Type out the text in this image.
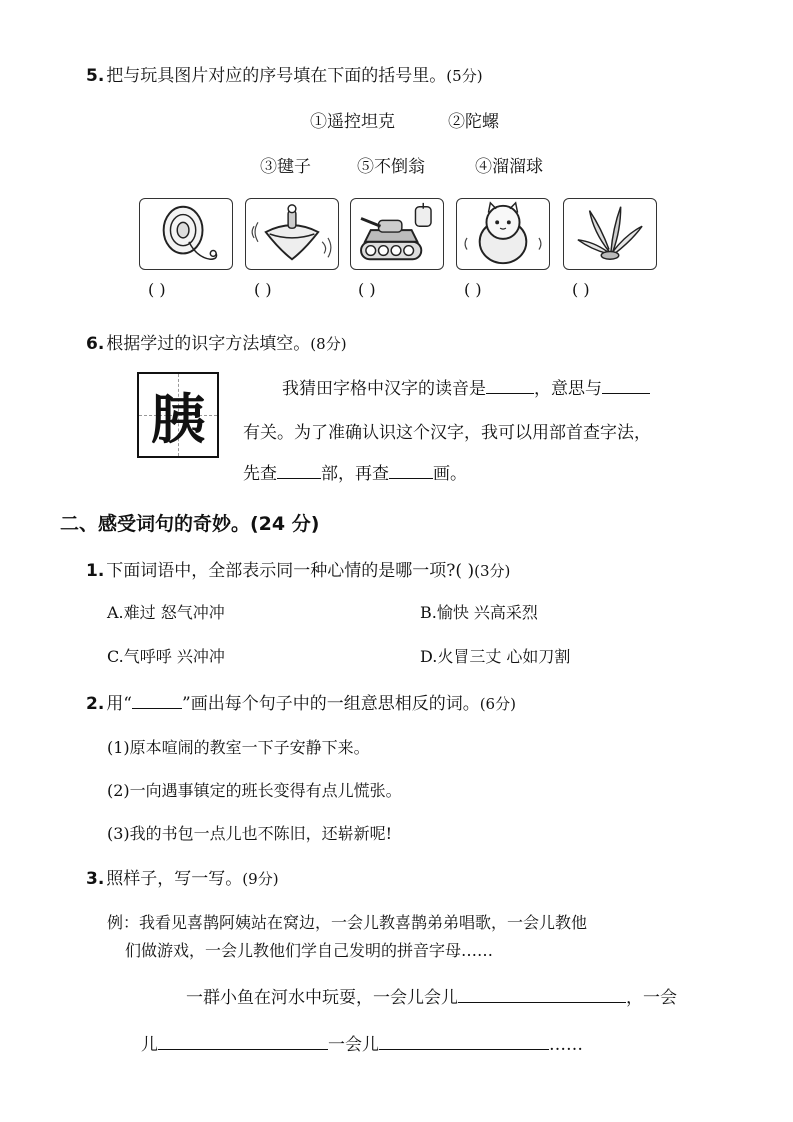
5. 把与玩具图片对应的序号填在下面的括号里。(5分)
①遥控坦克	②陀螺
③毽子	⑤不倒翁	④溜溜球
( )	( )	( )	( )	( )
6. 根据学过的识字方法填空。(8分)
胰	我猜田字格中汉字的读音是	，意思与
有关。为了准确认识这个汉字，我可以用部首查字法，
先查	部，再查	画。
二、感受词句的奇妙。(24 分)
1. 下面词语中，全部表示同一种心情的是哪一项?( )(3分)
A.难过 怒气冲冲	B.愉快 兴高采烈
C.气呼呼 兴冲冲	D.火冒三丈 心如刀割
2. 用“	”画出每个句子中的一组意思相反的词。(6分)
(1)原本喧闹的教室一下子安静下来。
(2)一向遇事镇定的班长变得有点儿慌张。
(3)我的书包一点儿也不陈旧，还崭新呢!
3. 照样子，写一写。(9分)
例：我看见喜鹊阿姨站在窝边，一会儿教喜鹊弟弟唱歌，一会儿教他
们做游戏，一会儿教他们学自己发明的拼音字母……
一群小鱼在河水中玩耍，一会儿会儿	，一会
儿	一会儿	……
